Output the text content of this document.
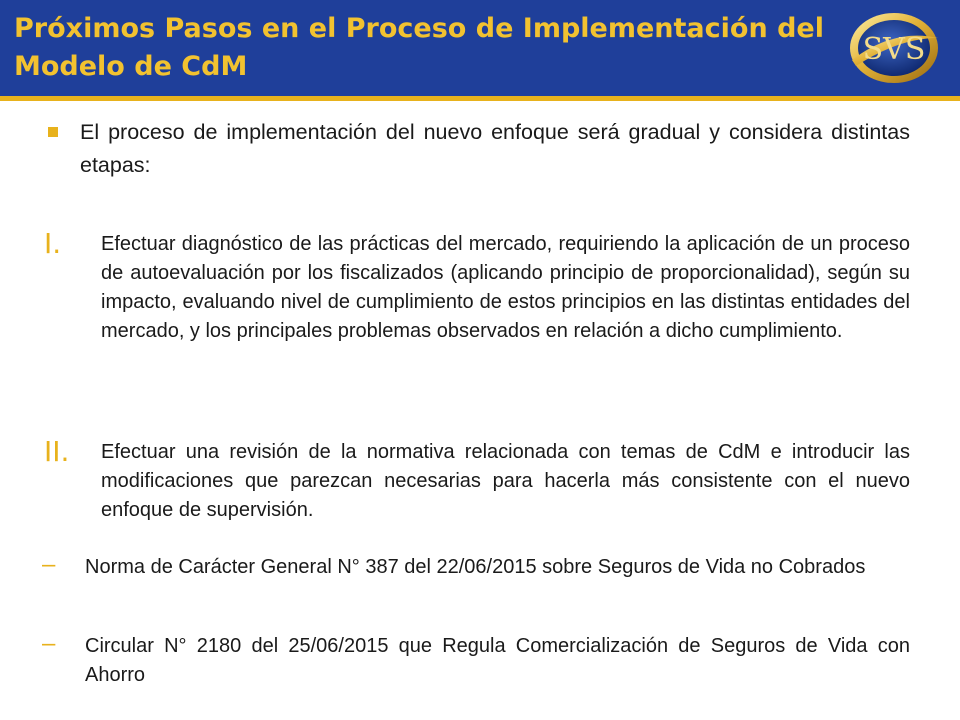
Próximos Pasos en el Proceso de Implementación del Modelo de CdM	SVS
El proceso de implementación del nuevo enfoque será gradual y considera distintas etapas:
I. Efectuar diagnóstico de las prácticas del mercado, requiriendo la aplicación de un proceso de autoevaluación por los fiscalizados (aplicando principio de proporcionalidad), según su impacto, evaluando nivel de cumplimiento de estos principios en las distintas entidades del mercado, y los principales problemas observados en relación a dicho cumplimiento.
II. Efectuar una revisión de la normativa relacionada con temas de CdM e introducir las modificaciones que parezcan necesarias para hacerla más consistente con el nuevo enfoque de supervisión.
– Norma de Carácter General N° 387 del 22/06/2015 sobre Seguros de Vida no Cobrados
– Circular N° 2180 del 25/06/2015 que Regula Comercialización de Seguros de Vida con Ahorro
